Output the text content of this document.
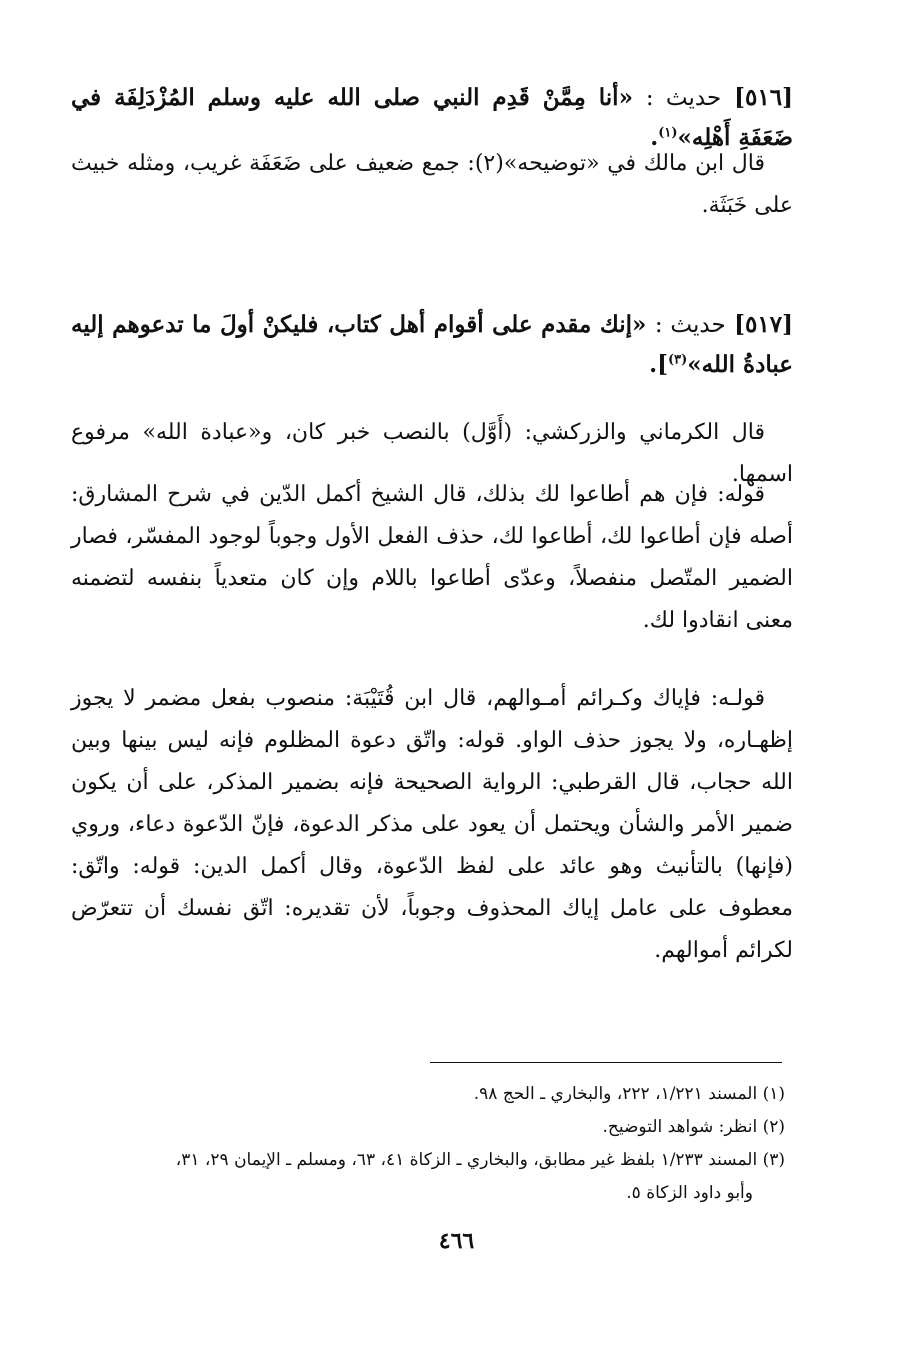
[٥١٦] حديث : «أنا مِمَّنْ قَدِم النبي صلى الله عليه وسلم المُزْدَلِفَة في ضَعَفَةِ أَهْلِه»$^{(١)}$.

قال ابن مالك في «توضيحه»(٢): جمع ضعيف على ضَعَفَة غريب، ومثله خبيث على خَبَثَة.

[٥١٧] حديث : «إنك مقدم على أقوام أهل كتاب، فليكنْ أولَ ما تدعوهم إليه عبادةُ الله»$^{(٣)}$].

قال الكرماني والزركشي: (أَوَّل) بالنصب خبر كان، و«عبادة الله» مرفوع اسمها.

قوله: فإن هم أطاعوا لك بذلك، قال الشيخ أكمل الدّين في شرح المشارق: أصله فإن أطاعوا لك، أطاعوا لك، حذف الفعل الأول وجوباً لوجود المفسّر، فصار الضمير المتّصل منفصلاً، وعدّى أطاعوا باللام وإن كان متعدياً بنفسه لتضمنه معنى انقادوا لك.

قولـه: فإياك وكـرائم أمـوالهم، قال ابن قُتَيْبَة: منصوب بفعل مضمر لا يجوز إظهـاره، ولا يجوز حذف الواو. قوله: واتّق دعوة المظلوم فإنه ليس بينها وبين الله حجاب، قال القرطبي: الرواية الصحيحة فإنه بضمير المذكر، على أن يكون ضمير الأمر والشأن ويحتمل أن يعود على مذكر الدعوة، فإنّ الدّعوة دعاء، وروي (فإنها) بالتأنيث وهو عائد على لفظ الدّعوة، وقال أكمل الدين: قوله: واتّق: معطوف على عامل إياك المحذوف وجوباً، لأن تقديره: اتّق نفسك أن تتعرّض لكرائم أموالهم.

(١) المسند ١/٢٢١، ٢٢٢، والبخاري ـ الحج ٩٨.
(٢) انظر: شواهد التوضيح.
(٣) المسند ١/٢٣٣ بلفظ غير مطابق، والبخاري ـ الزكاة ٤١، ٦٣، ومسلم ـ الإيمان ٢٩، ٣١،
وأبو داود الزكاة ٥.
٤٦٦
